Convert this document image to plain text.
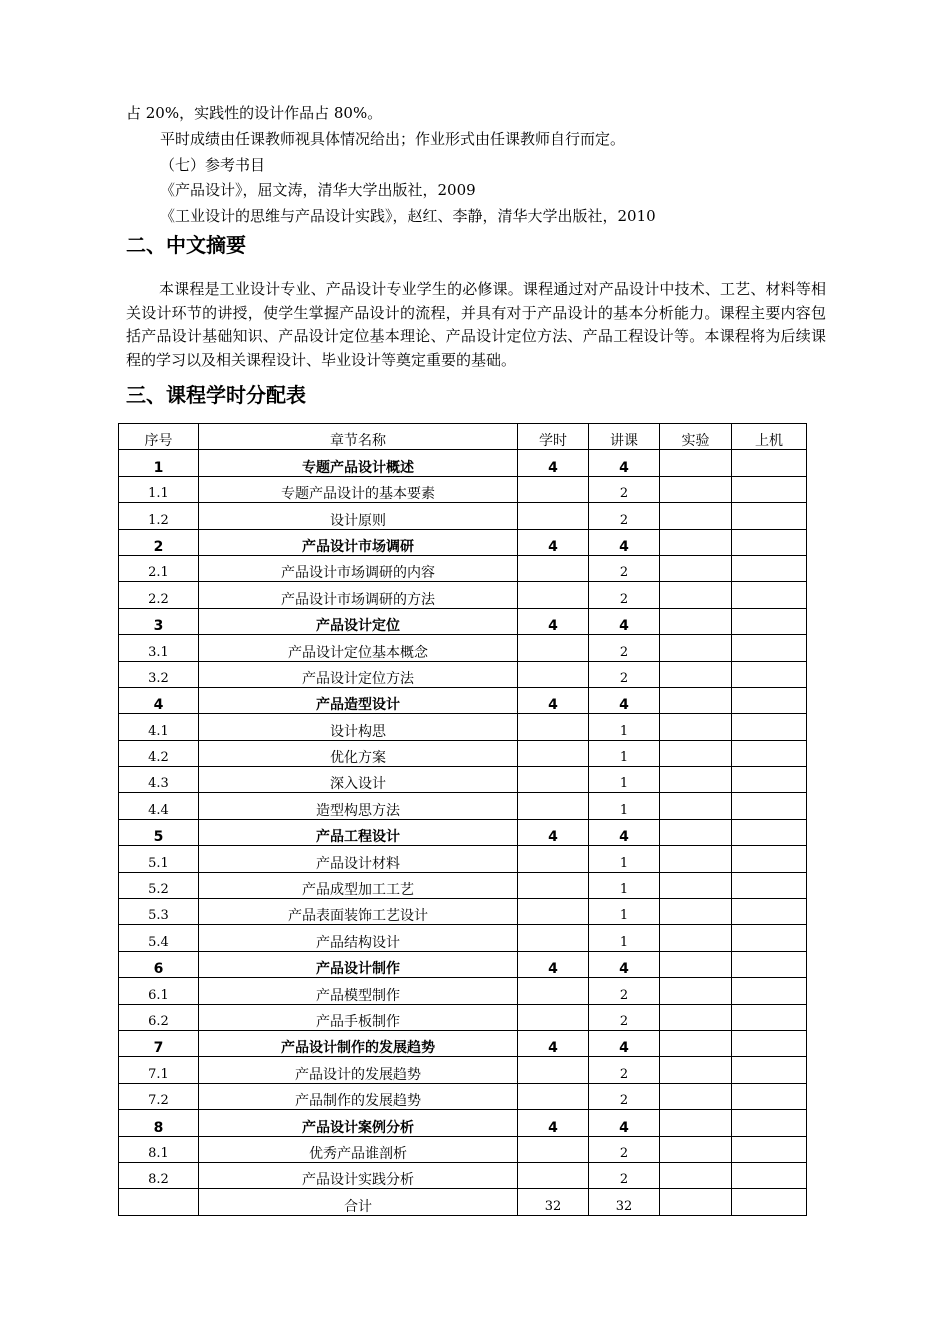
占 20%，实践性的设计作品占 80%。
平时成绩由任课教师视具体情况给出；作业形式由任课教师自行而定。
（七）参考书目
《产品设计》，屈文涛，清华大学出版社，2009
《工业设计的思维与产品设计实践》，赵红、李静，清华大学出版社，2010
二、中文摘要
本课程是工业设计专业、产品设计专业学生的必修课。课程通过对产品设计中技术、工艺、材料等相关设计环节的讲授，使学生掌握产品设计的流程，并具有对于产品设计的基本分析能力。课程主要内容包括产品设计基础知识、产品设计定位基本理论、产品设计定位方法、产品工程设计等。本课程将为后续课程的学习以及相关课程设计、毕业设计等奠定重要的基础。
三、课程学时分配表
序号	章节名称	学时	讲课	实验	上机
1	专题产品设计概述	4	4		
1.1	专题产品设计的基本要素		2		
1.2	设计原则		2		
2	产品设计市场调研	4	4		
2.1	产品设计市场调研的内容		2		
2.2	产品设计市场调研的方法		2		
3	产品设计定位	4	4		
3.1	产品设计定位基本概念		2		
3.2	产品设计定位方法		2		
4	产品造型设计	4	4		
4.1	设计构思		1		
4.2	优化方案		1		
4.3	深入设计		1		
4.4	造型构思方法		1		
5	产品工程设计	4	4		
5.1	产品设计材料		1		
5.2	产品成型加工工艺		1		
5.3	产品表面装饰工艺设计		1		
5.4	产品结构设计		1		
6	产品设计制作	4	4		
6.1	产品模型制作		2		
6.2	产品手板制作		2		
7	产品设计制作的发展趋势	4	4		
7.1	产品设计的发展趋势		2		
7.2	产品制作的发展趋势		2		
8	产品设计案例分析	4	4		
8.1	优秀产品谁剖析		2		
8.2	产品设计实践分析		2		
	合计	32	32		
